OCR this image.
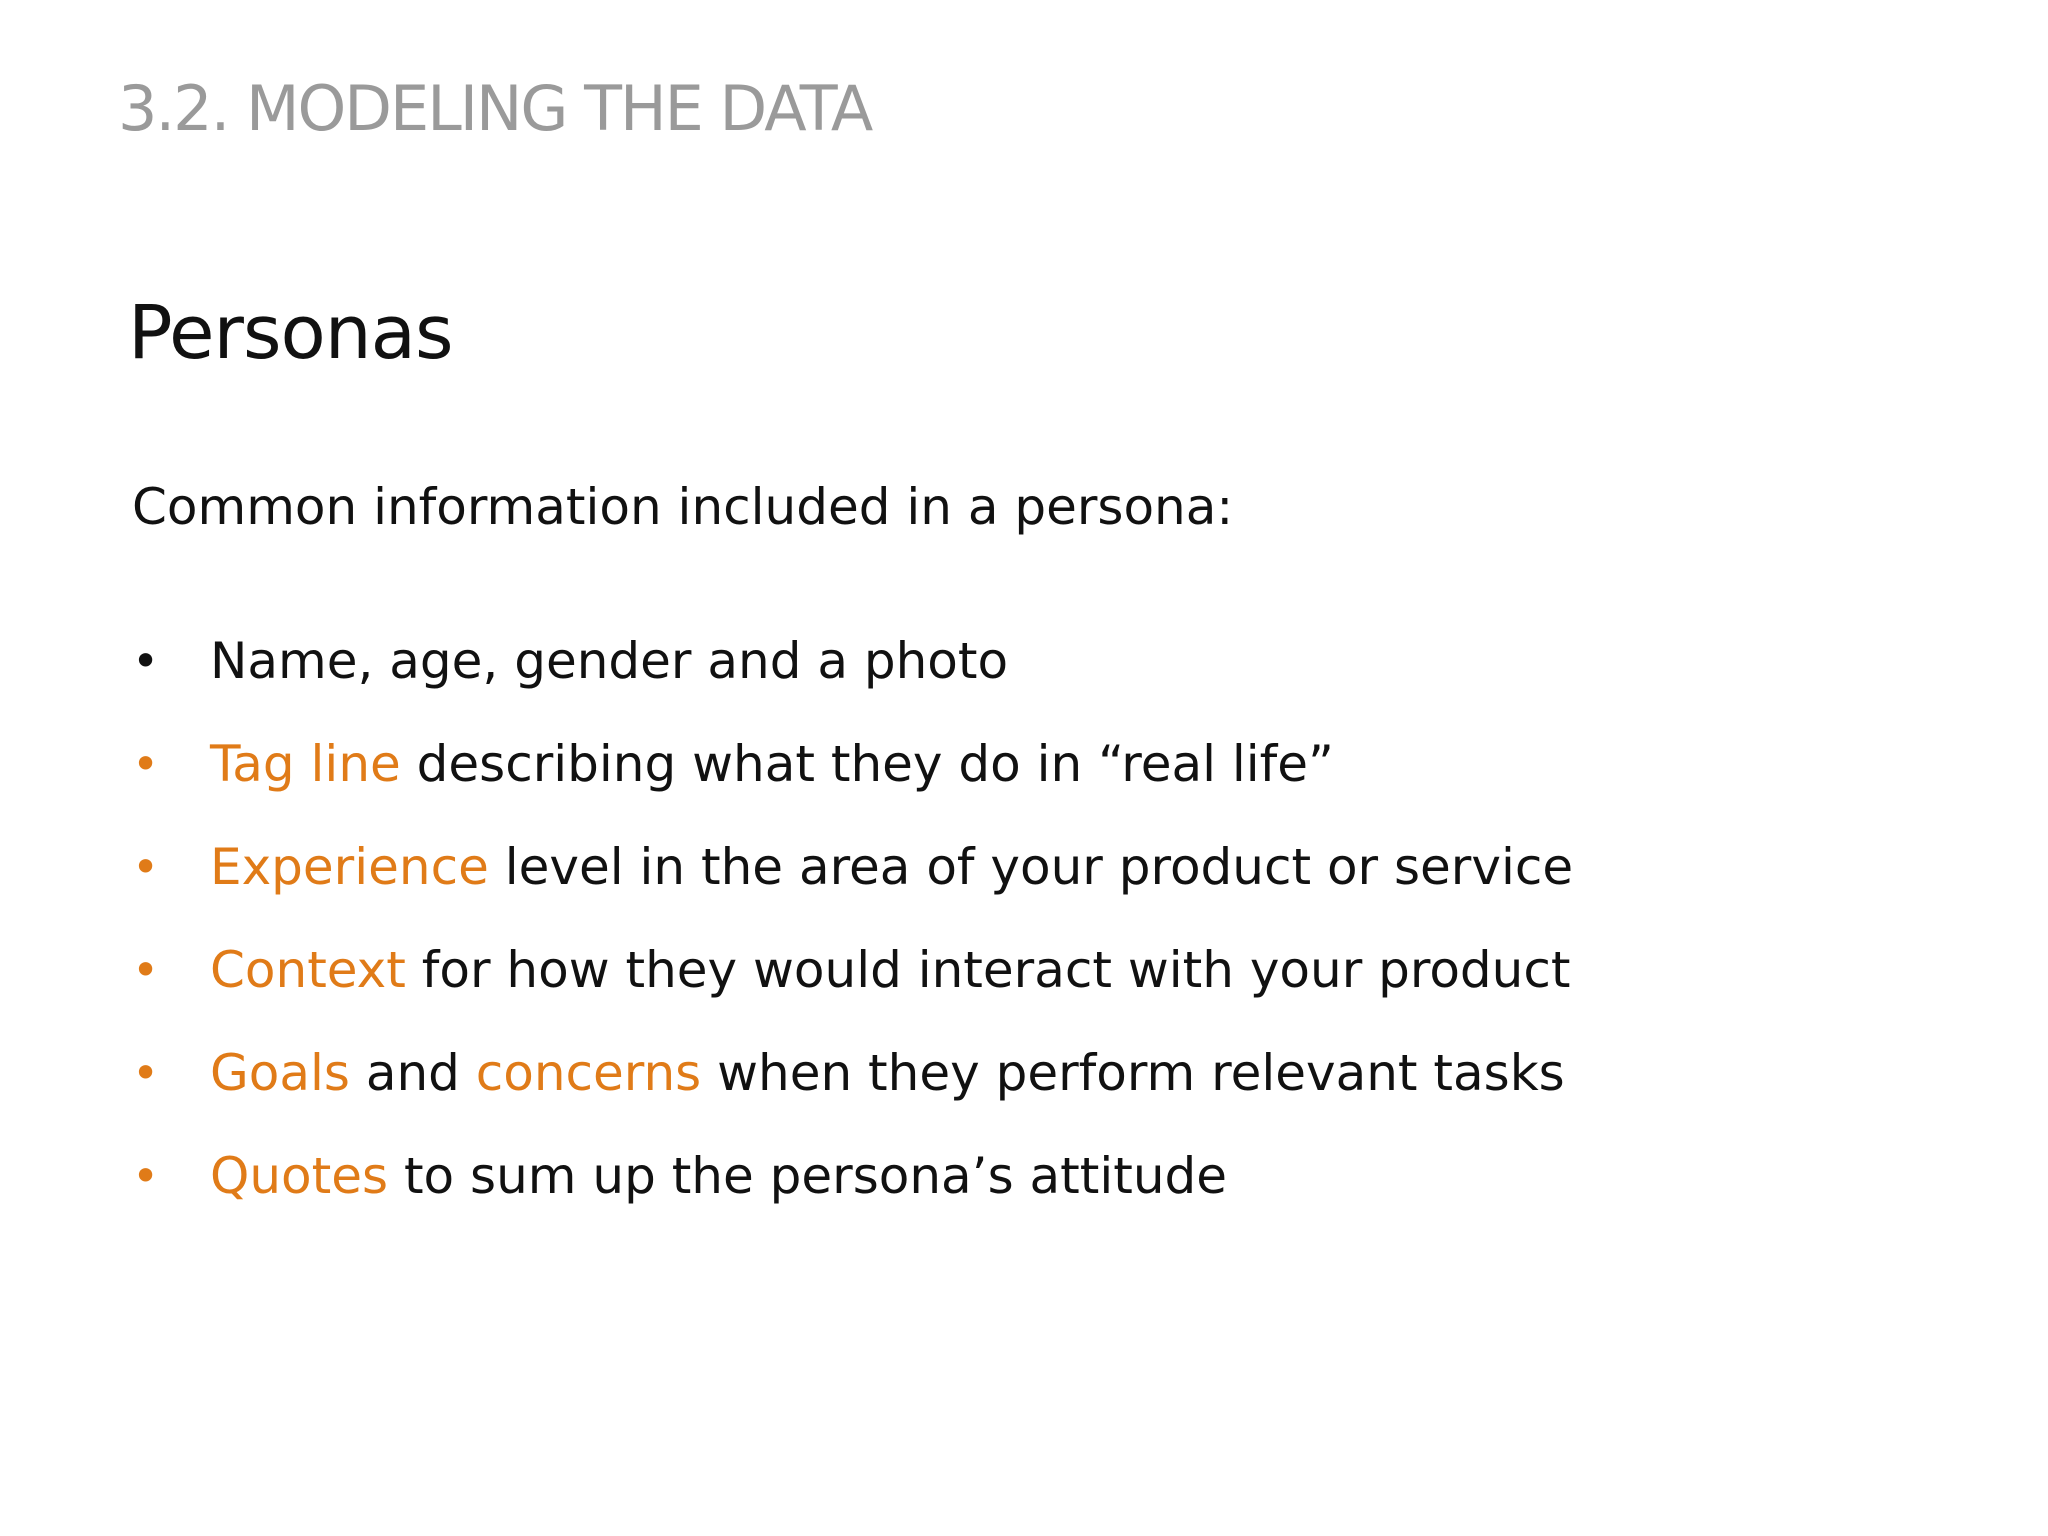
3.2. MODELING THE DATA
Personas
Common information included in a persona:
•	Name, age, gender and a photo
•	Tag line describing what they do in “real life”
•	Experience level in the area of your product or service
•	Context for how they would interact with your product
•	Goals and concerns when they perform relevant tasks
•	Quotes to sum up the persona’s attitude
